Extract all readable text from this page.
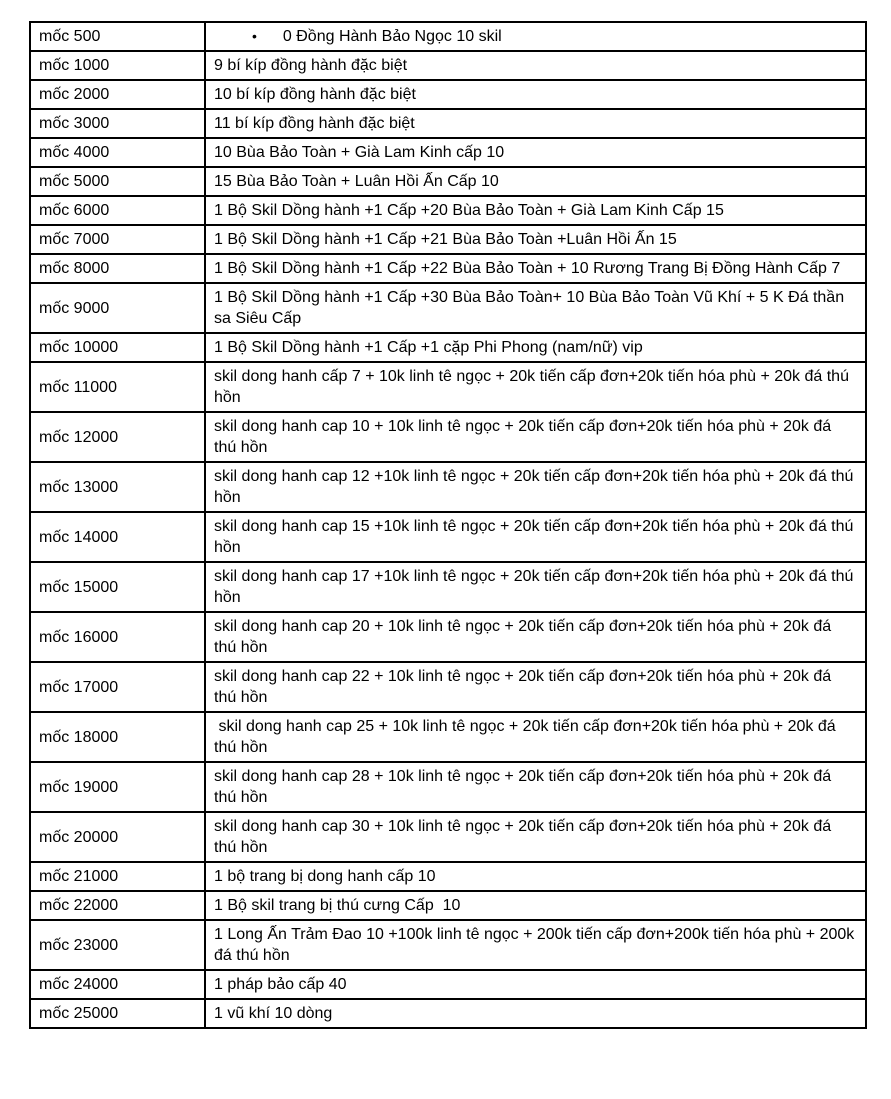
mốc 500	• 0 Đồng Hành Bảo Ngọc 10 skil
mốc 1000	9 bí kíp đồng hành đặc biệt
mốc 2000	10 bí kíp đồng hành đặc biệt
mốc 3000	11 bí kíp đồng hành đặc biệt
mốc 4000	10 Bùa Bảo Toàn + Già Lam Kinh cấp 10
mốc 5000	15 Bùa Bảo Toàn + Luân Hồi Ấn Cấp 10
mốc 6000	1 Bộ Skil Dồng hành +1 Cấp +20 Bùa Bảo Toàn + Già Lam Kinh Cấp 15
mốc 7000	1 Bộ Skil Dồng hành +1 Cấp +21 Bùa Bảo Toàn +Luân Hồi Ấn 15
mốc 8000	1 Bộ Skil Dồng hành +1 Cấp +22 Bùa Bảo Toàn + 10 Rương Trang Bị Đồng Hành Cấp 7
mốc 9000	1 Bộ Skil Dồng hành +1 Cấp +30 Bùa Bảo Toàn+ 10 Bùa Bảo Toàn Vũ Khí + 5 K Đá thần sa Siêu Cấp
mốc 10000	1 Bộ Skil Dồng hành +1 Cấp +1 cặp Phi Phong (nam/nữ) vip
mốc 11000	skil dong hanh cấp 7 + 10k linh tê ngọc + 20k tiến cấp đơn+20k tiến hóa phù + 20k đá thú hồn
mốc 12000	skil dong hanh cap 10 + 10k linh tê ngọc + 20k tiến cấp đơn+20k tiến hóa phù + 20k đá thú hồn
mốc 13000	skil dong hanh cap 12 +10k linh tê ngọc + 20k tiến cấp đơn+20k tiến hóa phù + 20k đá thú hồn
mốc 14000	skil dong hanh cap 15 +10k linh tê ngọc + 20k tiến cấp đơn+20k tiến hóa phù + 20k đá thú hồn
mốc 15000	skil dong hanh cap 17 +10k linh tê ngọc + 20k tiến cấp đơn+20k tiến hóa phù + 20k đá thú hồn
mốc 16000	skil dong hanh cap 20 + 10k linh tê ngọc + 20k tiến cấp đơn+20k tiến hóa phù + 20k đá thú hồn
mốc 17000	skil dong hanh cap 22 + 10k linh tê ngọc + 20k tiến cấp đơn+20k tiến hóa phù + 20k đá thú hồn
mốc 18000	skil dong hanh cap 25 + 10k linh tê ngọc + 20k tiến cấp đơn+20k tiến hóa phù + 20k đá thú hồn
mốc 19000	skil dong hanh cap 28 + 10k linh tê ngọc + 20k tiến cấp đơn+20k tiến hóa phù + 20k đá thú hồn
mốc 20000	skil dong hanh cap 30 + 10k linh tê ngọc + 20k tiến cấp đơn+20k tiến hóa phù + 20k đá thú hồn
mốc 21000	1 bộ trang bị dong hanh cấp 10
mốc 22000	1 Bộ skil trang bị thú cưng Cấp  10
mốc 23000	1 Long Ấn Trảm Đao 10 +100k linh tê ngọc + 200k tiến cấp đơn+200k tiến hóa phù + 200k đá thú hồn
mốc 24000	1 pháp bảo cấp 40
mốc 25000	1 vũ khí 10 dòng
